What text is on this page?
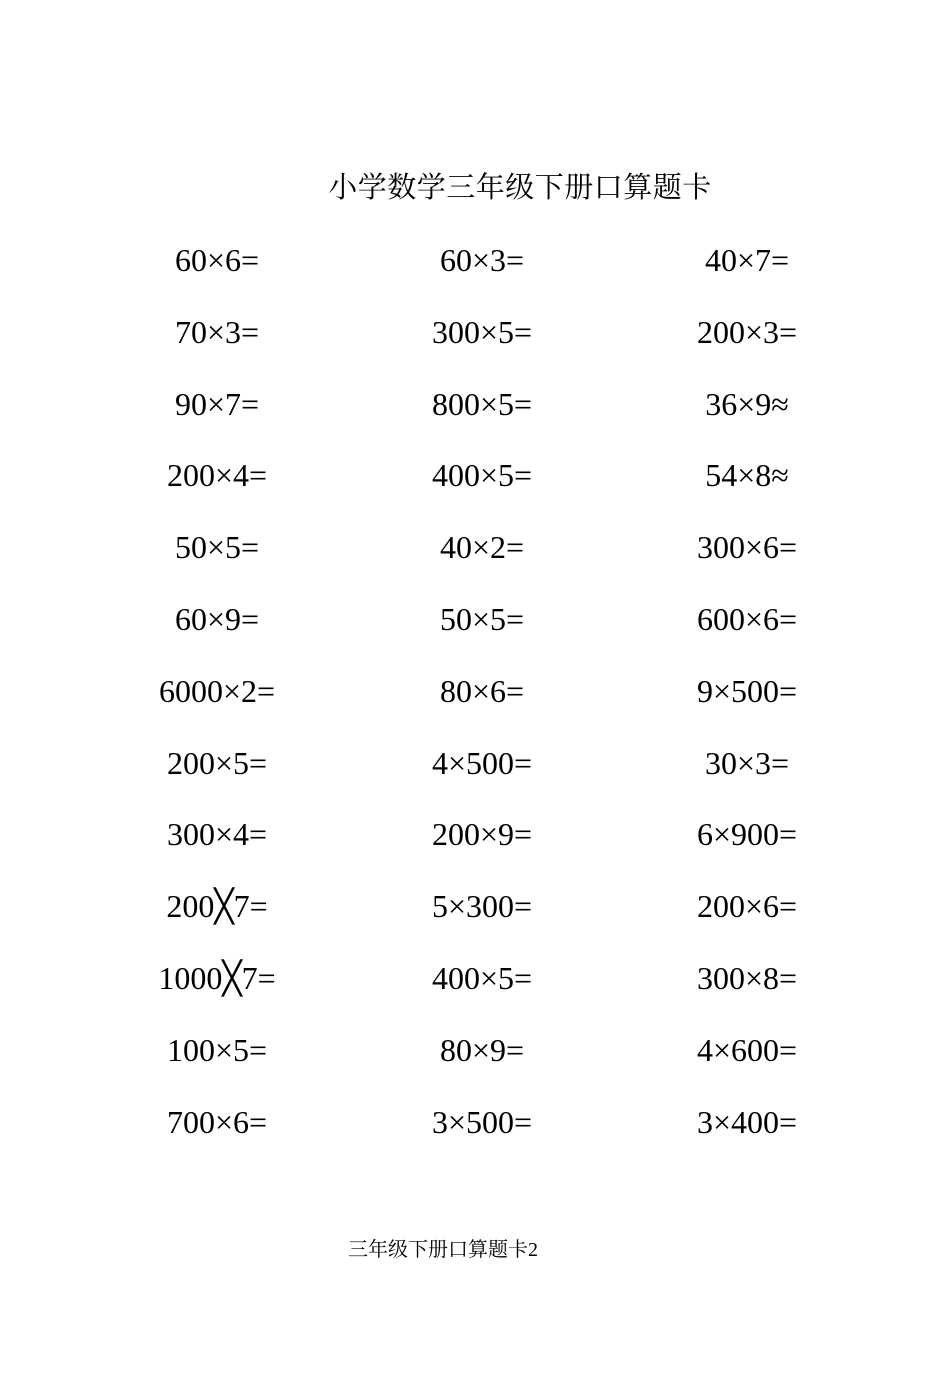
小学数学三年级下册口算题卡
60×6=	60×3=	40×7=
70×3=	300×5=	200×3=
90×7=	800×5=	36×9≈
200×4=	400×5=	54×8≈
50×5=	40×2=	300×6=
60×9=	50×5=	600×6=
6000×2=	80×6=	9×500=
200×5=	4×500=	30×3=
300×4=	200×9=	6×900=
200╳7=	5×300=	200×6=
1000╳7=	400×5=	300×8=
100×5=	80×9=	4×600=
700×6=	3×500=	3×400=
三年级下册口算题卡2
